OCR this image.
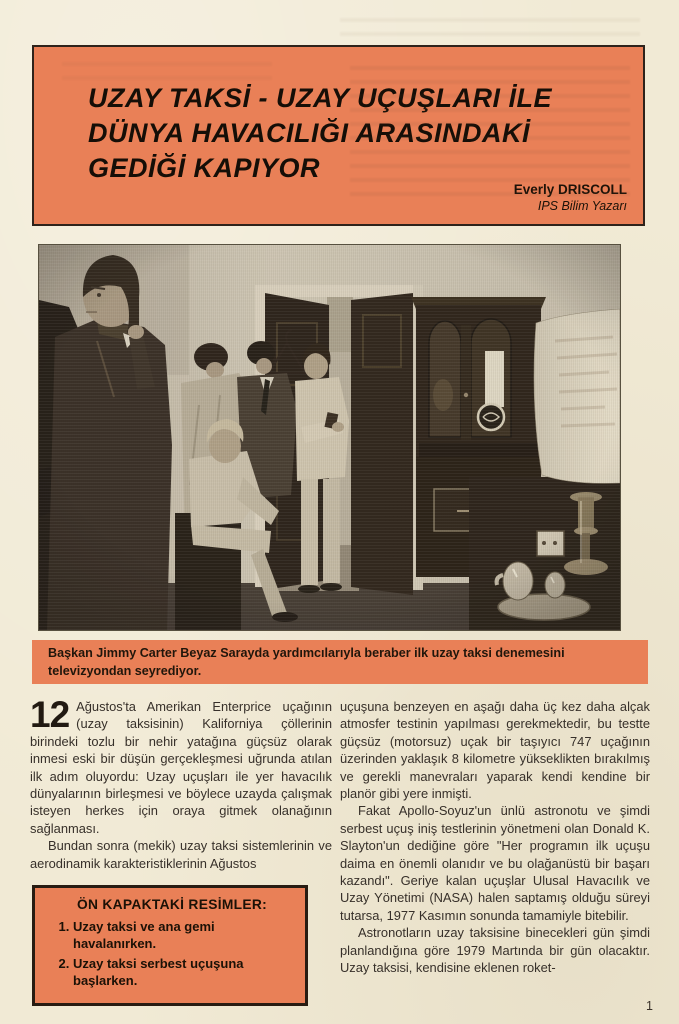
UZAY TAKSİ - UZAY UÇUŞLARI İLE
DÜNYA HAVACILIĞI ARASINDAKİ
GEDİĞİ KAPIYOR
Everly DRISCOLL
IPS Bilim Yazarı
Başkan Jimmy Carter Beyaz Sarayda yardımcılarıyla beraber ilk uzay taksi denemesini televizyondan seyrediyor.

12 Ağustos'ta Amerikan Enterprice uçağının (uzay taksisinin) Kaliforniya çöllerinin birindeki tozlu bir nehir yatağına güçsüz olarak inmesi eski bir düşün gerçekleşmesi uğrunda atılan ilk adım oluyordu: Uzay uçuşları ile yer havacılık dünyalarının birleşmesi ve böylece uzayda çalışmak isteyen herkes için oraya gitmek olanağının sağlanması.

Bundan sonra (mekik) uzay taksi sistemlerinin ve aerodinamik karakteristiklerinin Ağustos

ÖN KAPAKTAKİ RESİMLER:
1. Uzay taksi ve ana gemi havalanırken.
2. Uzay taksi serbest uçuşuna başlarken.

uçuşuna benzeyen en aşağı daha üç kez daha alçak atmosfer testinin yapılması gerekmektedir, bu testte güçsüz (motorsuz) uçak bir taşıyıcı 747 uçağının üzerinden yaklaşık 8 kilometre yükseklikten bırakılmış ve gerekli manevraları yaparak kendi kendine bir planör gibi yere inmişti.

Fakat Apollo-Soyuz'un ünlü astronotu ve şimdi serbest uçuş iniş testlerinin yönetmeni olan Donald K. Slayton'un dediğine göre "Her programın ilk uçuşu daima en önemli olanıdır ve bu olağanüstü bir başarı kazandı". Geriye kalan uçuşlar Ulusal Havacılık ve Uzay Yönetimi (NASA) halen saptamış olduğu süreyi tutarsa, 1977 Kasımın sonunda tamamiyle bitebilir.

Astronotların uzay taksisine binecekleri gün şimdi planlandığına göre 1979 Martında bir gün olacaktır. Uzay taksisi, kendisine eklenen roket-

1
